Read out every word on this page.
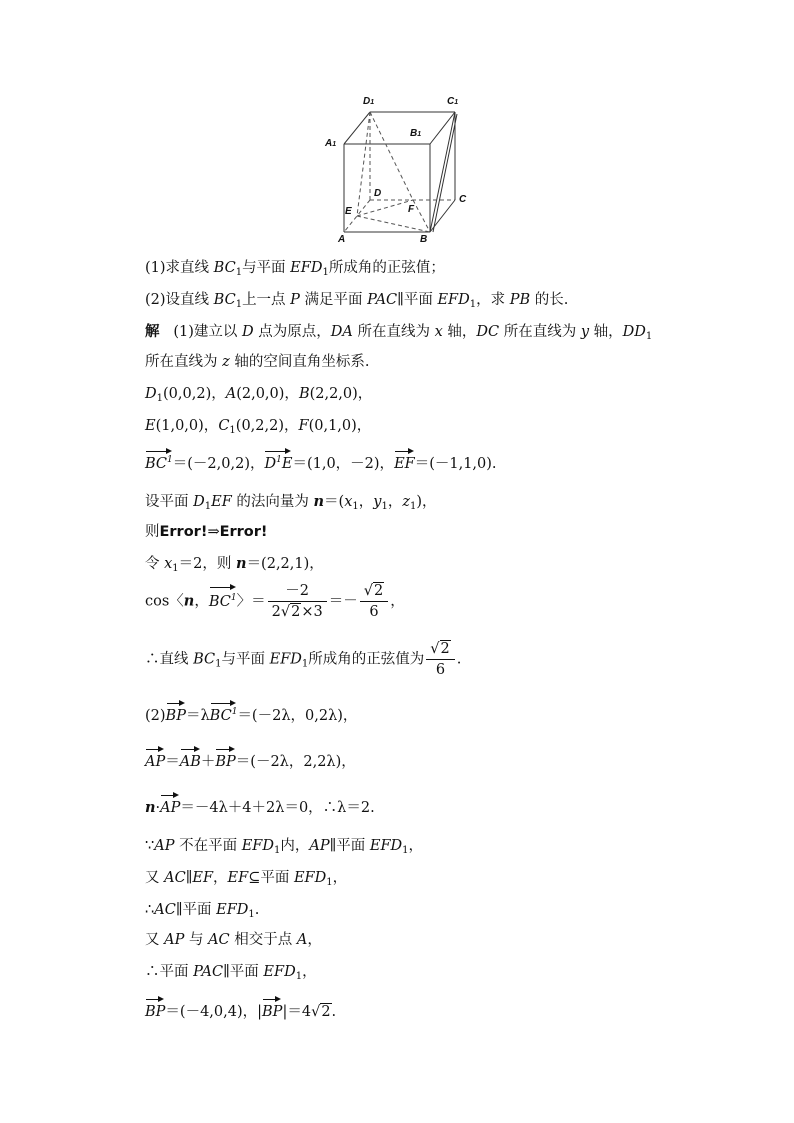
D1	C1
A1
B1
D
C
E	F
A	B
(1)求直线 $BC_1$与平面 $EFD_1$所成角的正弦值；
(2)设直线 $BC_1$上一点 P 满足平面 PAC∥平面 $EFD_1$，求 PB 的长.
解 (1)建立以 D 点为原点，DA 所在直线为 x 轴，DC 所在直线为 y 轴，$DD_1$
所在直线为 z 轴的空间直角坐标系.
$D_1(0,0,2)$，A(2,0,0)，B(2,2,0)，
E(1,0,0)，$C_1(0,2,2)$，F(0,1,0)，
$BC^1=(-2,0,2)$，$D^1E=(1,0$，－2)，EF＝(－1,1,0).
设平面 $D_1EF$ 的法向量为 $n=(x_1$，$y_1$，$z_1$)，
则Error!⇒Error!
令 $x_1=2$，则 n＝(2,2,1)，
cos〈n，$BC^1$〉＝ $\frac{-2}{2√2\times 3} =- \frac{√2}{6}$ ，
∴直线 $BC_1$与平面 $EFD_1$所成角的正弦值为 $\frac{√2}{6}$ .
(2)BP＝λBC$^1$＝(－2λ，0,2λ)，
AP＝AB＋BP＝(－2λ，2,2λ)，
n·AP＝－4λ＋4＋2λ＝0，∴λ＝2.
∵AP 不在平面 $EFD_1$内，AP∥平面 $EFD_1$，
又 AC∥EF，EF⊆平面 $EFD_1$，
∴AC∥平面 $EFD_1$.
又 AP 与 AC 相交于点 A，
∴平面 PAC∥平面 $EFD_1$，
BP＝(－4,0,4)，|BP|＝4√2.
